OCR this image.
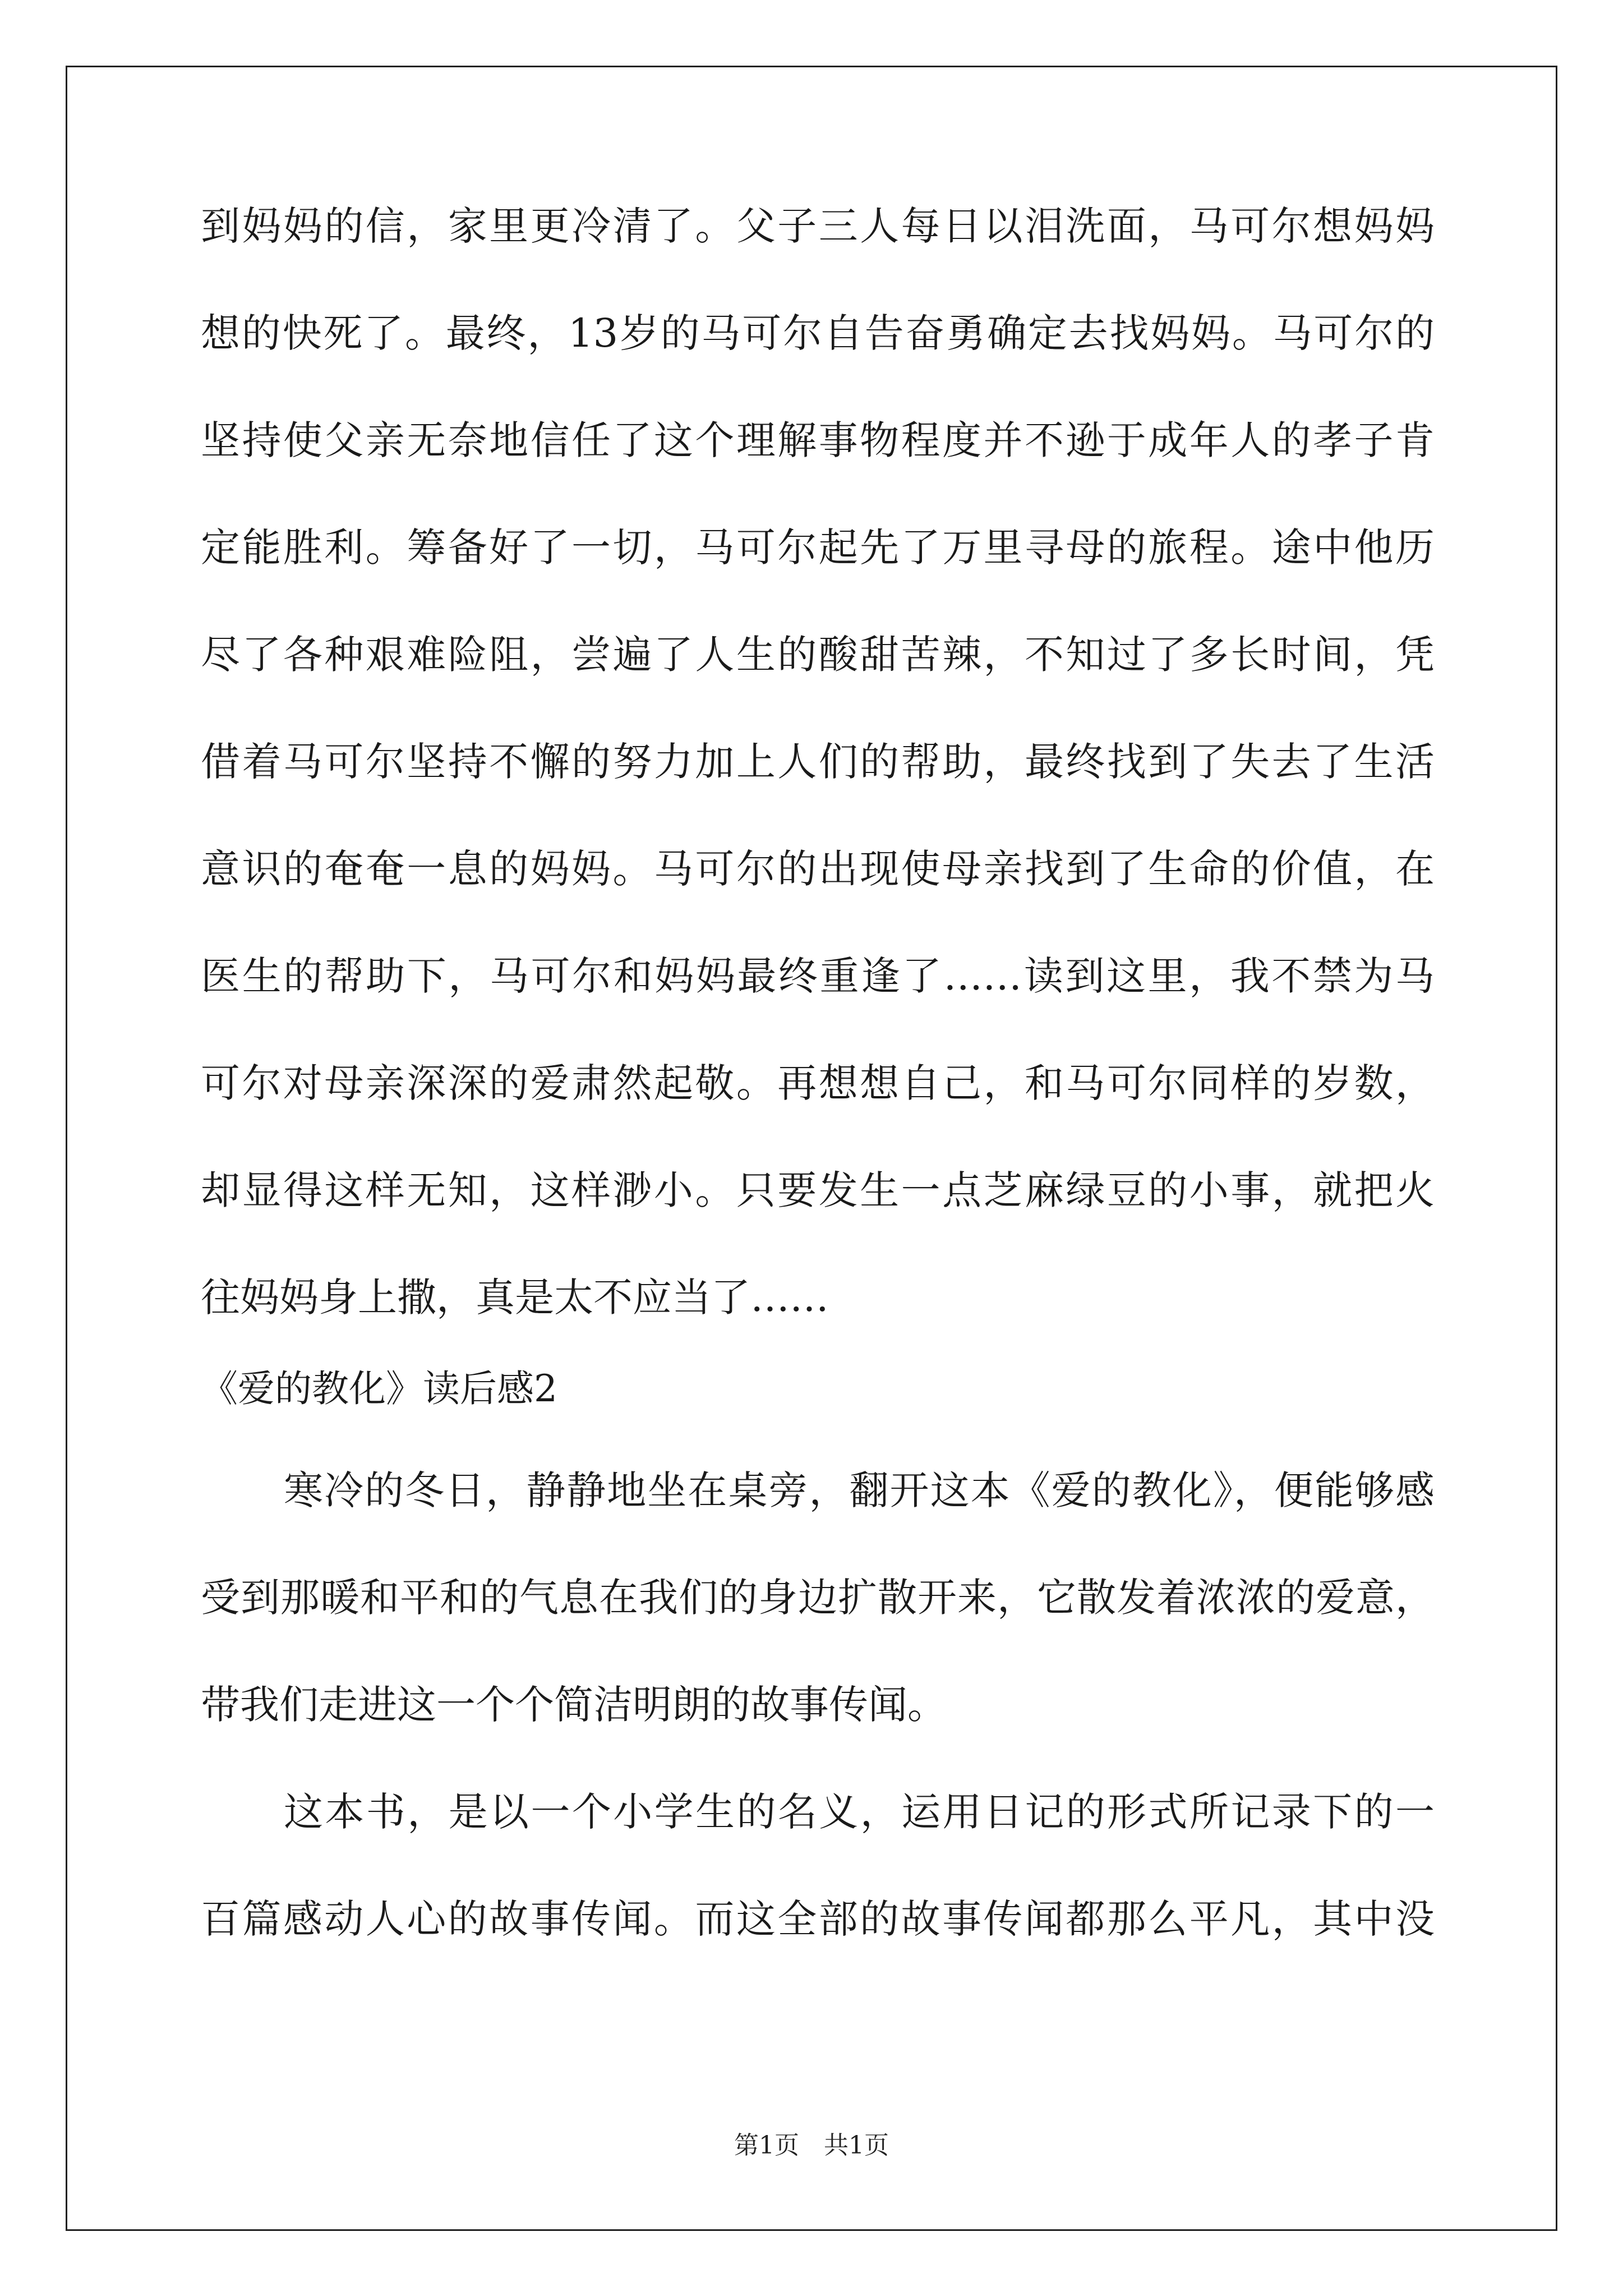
到妈妈的信，家里更冷清了。父子三人每日以泪洗面，马可尔想妈妈
想的快死了。最终，13岁的马可尔自告奋勇确定去找妈妈。马可尔的
坚持使父亲无奈地信任了这个理解事物程度并不逊于成年人的孝子肯
定能胜利。筹备好了一切，马可尔起先了万里寻母的旅程。途中他历
尽了各种艰难险阻，尝遍了人生的酸甜苦辣，不知过了多长时间，凭
借着马可尔坚持不懈的努力加上人们的帮助，最终找到了失去了生活
意识的奄奄一息的妈妈。马可尔的出现使母亲找到了生命的价值，在
医生的帮助下，马可尔和妈妈最终重逢了……读到这里，我不禁为马
可尔对母亲深深的爱肃然起敬。再想想自己，和马可尔同样的岁数，
却显得这样无知，这样渺小。只要发生一点芝麻绿豆的小事，就把火
往妈妈身上撒，真是太不应当了……
《爱的教化》读后感2
寒冷的冬日，静静地坐在桌旁，翻开这本《爱的教化》，便能够感
受到那暖和平和的气息在我们的身边扩散开来，它散发着浓浓的爱意，
带我们走进这一个个简洁明朗的故事传闻。
这本书，是以一个小学生的名义，运用日记的形式所记录下的一
百篇感动人心的故事传闻。而这全部的故事传闻都那么平凡，其中没
第1页　共1页
